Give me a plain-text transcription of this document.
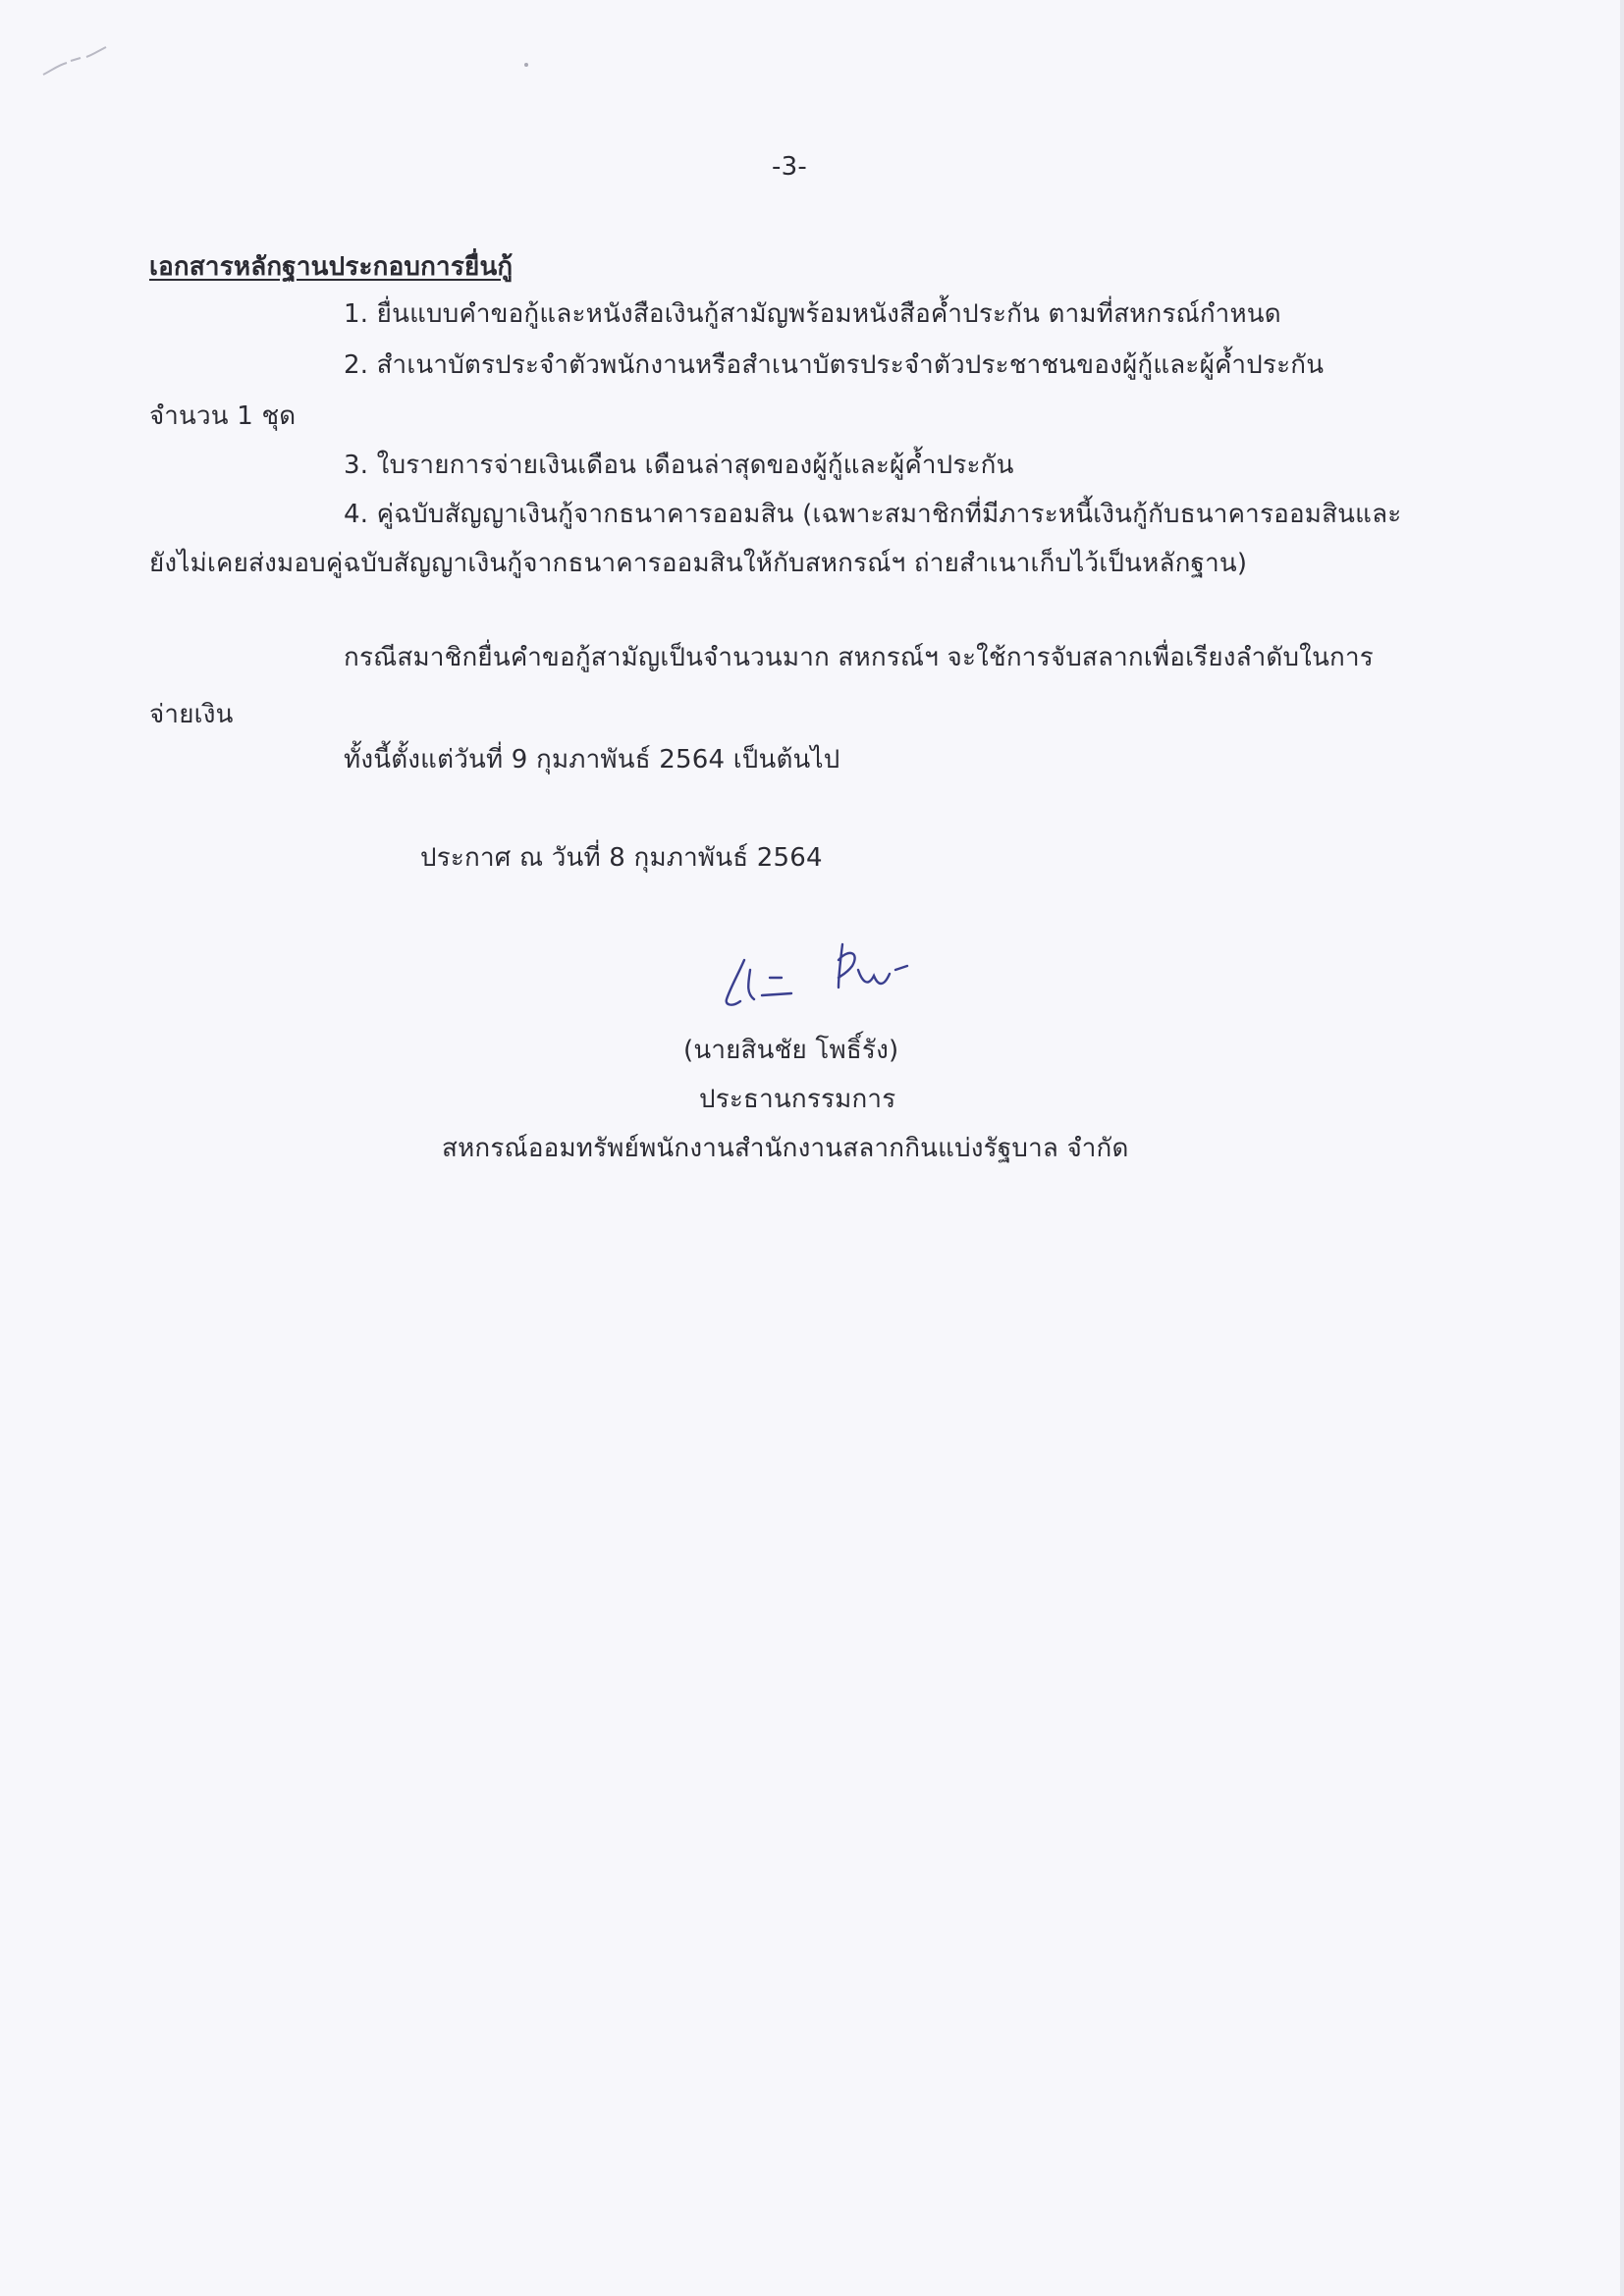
-3-
เอกสารหลักฐานประกอบการยื่นกู้
1. ยื่นแบบคำขอกู้และหนังสือเงินกู้สามัญพร้อมหนังสือค้ำประกัน ตามที่สหกรณ์กำหนด
2. สำเนาบัตรประจำตัวพนักงานหรือสำเนาบัตรประจำตัวประชาชนของผู้กู้และผู้ค้ำประกัน
จำนวน 1 ชุด
3. ใบรายการจ่ายเงินเดือน เดือนล่าสุดของผู้กู้และผู้ค้ำประกัน
4. คู่ฉบับสัญญาเงินกู้จากธนาคารออมสิน (เฉพาะสมาชิกที่มีภาระหนี้เงินกู้กับธนาคารออมสินและ
ยังไม่เคยส่งมอบคู่ฉบับสัญญาเงินกู้จากธนาคารออมสินให้กับสหกรณ์ฯ ถ่ายสำเนาเก็บไว้เป็นหลักฐาน)
กรณีสมาชิกยื่นคำขอกู้สามัญเป็นจำนวนมาก สหกรณ์ฯ จะใช้การจับสลากเพื่อเรียงลำดับในการ
จ่ายเงิน
ทั้งนี้ตั้งแต่วันที่ 9 กุมภาพันธ์ 2564 เป็นต้นไป
ประกาศ ณ วันที่ 8 กุมภาพันธ์ 2564
(นายสินชัย โพธิ์รัง)
ประธานกรรมการ
สหกรณ์ออมทรัพย์พนักงานสำนักงานสลากกินแบ่งรัฐบาล จำกัด
